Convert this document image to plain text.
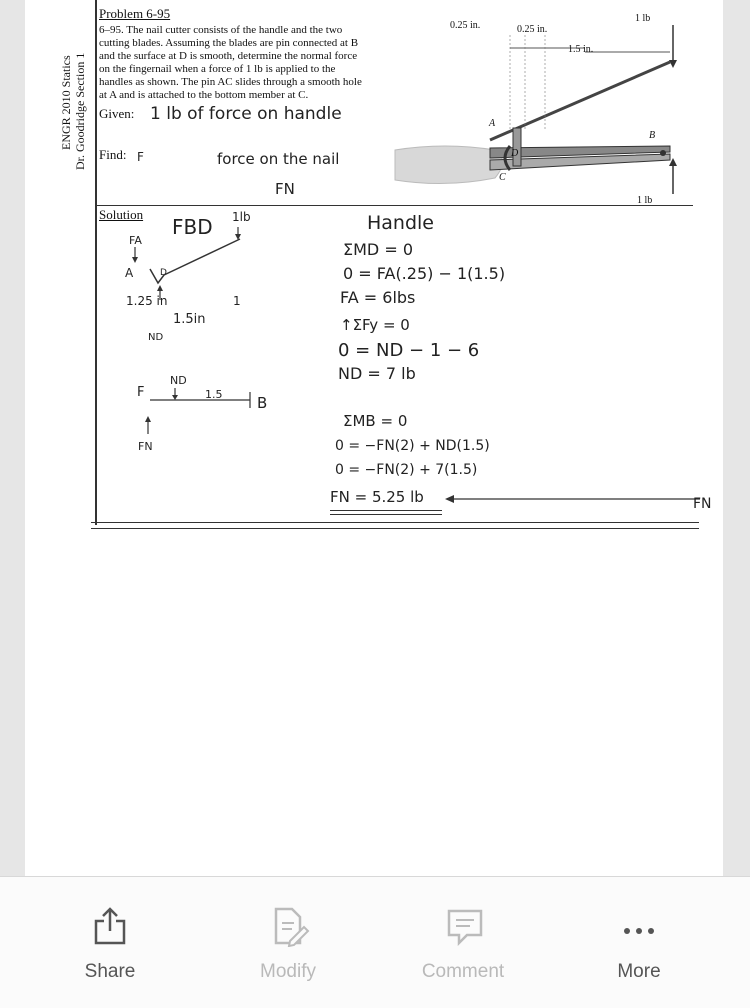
ENGR 2010 Statics Dr. Goodridge Section 1
Problem 6-95
6–95. The nail cutter consists of the handle and the two
cutting blades. Assuming the blades are pin connected at B
and the surface at D is smooth, determine the normal force
on the fingernail when a force of 1 lb is applied to the
handles as shown. The pin AC slides through a smooth hole
at A and is attached to the bottom member at C.
Given: 1 lb of force on handle
Find: F	force on the nail
FN
0.25 in.	0.25 in.
1.5 in.
1 lb
1 lb
A
B
C
D
Solution
FBD 1lb
FA
A	D
1.25 in
1.5in
ND
1
F
ND
1.5 B
FN
Handle
ΣMD = 0
0 = FA(.25) − 1(1.5)
FA = 6lbs
↑ΣFy = 0
0 = ND − 1 − 6
ND = 7 lb
ΣMB = 0
0 = −FN(2) + ND(1.5)
0 = −FN(2) + 7(1.5)
FN = 5.25 lb	FN
Share	Modify	Comment	More
